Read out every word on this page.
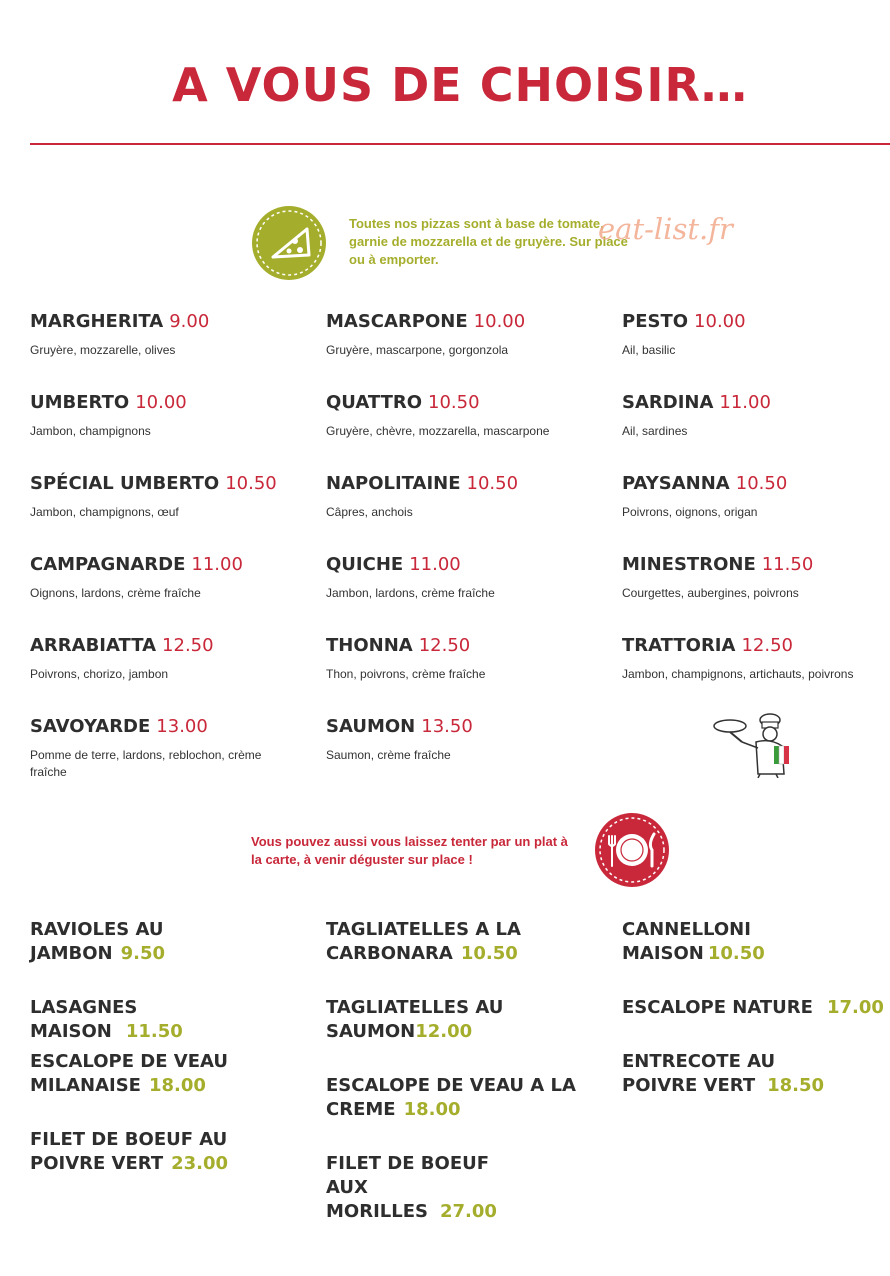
A VOUS DE CHOISIR…
Toutes nos pizzas sont à base de tomate, garnie de mozzarella et de gruyère. Sur place ou à emporter.
eat-list.fr
MARGHERITA 9.00
Gruyère, mozzarelle, olives
MASCARPONE 10.00
Gruyère, mascarpone, gorgonzola
PESTO 10.00
Ail, basilic
UMBERTO 10.00
Jambon, champignons
QUATTRO 10.50
Gruyère, chèvre, mozzarella, mascarpone
SARDINA 11.00
Ail, sardines
SPÉCIAL UMBERTO 10.50
Jambon, champignons, œuf
NAPOLITAINE 10.50
Câpres, anchois
PAYSANNA 10.50
Poivrons, oignons, origan
CAMPAGNARDE 11.00
Oignons, lardons, crème fraîche
QUICHE 11.00
Jambon, lardons, crème fraîche
MINESTRONE 11.50
Courgettes, aubergines, poivrons
ARRABIATTA 12.50
Poivrons, chorizo, jambon
THONNA 12.50
Thon, poivrons, crème fraîche
TRATTORIA 12.50
Jambon, champignons, artichauts, poivrons
SAVOYARDE 13.00
Pomme de terre, lardons, reblochon, crème fraîche
SAUMON 13.50
Saumon, crème fraîche
Vous pouvez aussi vous laissez tenter par un plat à la carte, à venir déguster sur place !
RAVIOLES AU JAMBON 9.50
TAGLIATELLES A LA CARBONARA 10.50
CANNELLONI MAISON 10.50
LASAGNES MAISON 11.50
TAGLIATELLES AU SAUMON12.00
ESCALOPE NATURE 17.00
ESCALOPE DE VEAU MILANAISE 18.00	ESCALOPE DE VEAU A LA CREME 18.00
ENTRECOTE AU POIVRE VERT 18.50
FILET DE BOEUF AU POIVRE VERT 23.00	FILET DE BOEUF AUX MORILLES 27.00
